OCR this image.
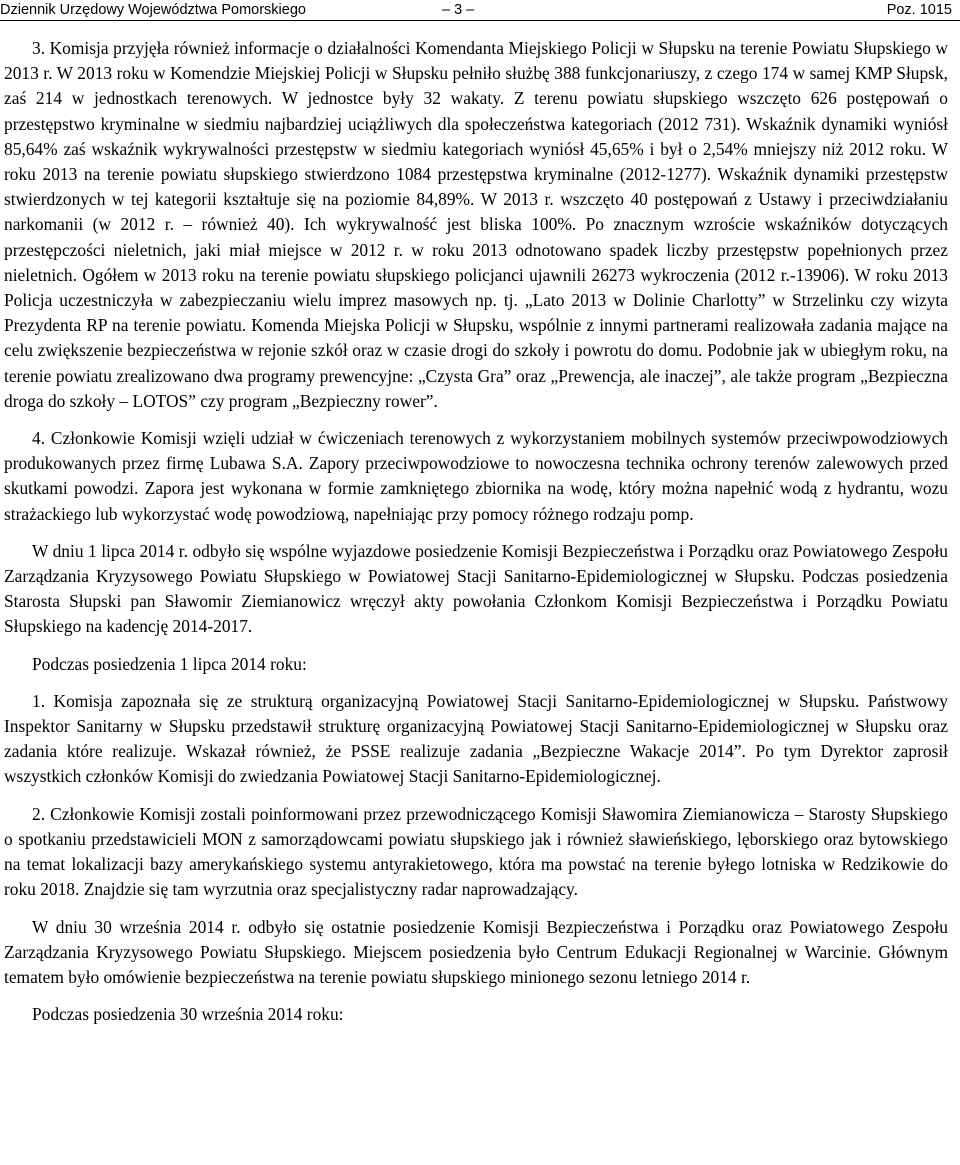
Dziennik Urzędowy Województwa Pomorskiego	– 3 –	Poz. 1015

3. Komisja przyjęła również informacje o działalności Komendanta Miejskiego Policji w Słupsku na terenie Powiatu Słupskiego w 2013 r. W 2013 roku w Komendzie Miejskiej Policji w Słupsku pełniło służbę 388 funkcjonariuszy, z czego 174 w samej KMP Słupsk, zaś 214 w jednostkach terenowych. W jednostce były 32 wakaty. Z terenu powiatu słupskiego wszczęto 626 postępowań o przestępstwo kryminalne w siedmiu najbardziej uciążliwych dla społeczeństwa kategoriach (2012 731). Wskaźnik dynamiki wyniósł 85,64% zaś wskaźnik wykrywalności przestępstw w siedmiu kategoriach wyniósł 45,65% i był o 2,54% mniejszy niż 2012 roku. W roku 2013 na terenie powiatu słupskiego stwierdzono 1084 przestępstwa kryminalne (2012-1277). Wskaźnik dynamiki przestępstw stwierdzonych w tej kategorii kształtuje się na poziomie 84,89%. W 2013 r. wszczęto 40 postępowań z Ustawy i przeciwdziałaniu narkomanii (w 2012 r. – również 40). Ich wykrywalność jest bliska 100%. Po znacznym wzroście wskaźników dotyczących przestępczości nieletnich, jaki miał miejsce w 2012 r. w roku 2013 odnotowano spadek liczby przestępstw popełnionych przez nieletnich. Ogółem w 2013 roku na terenie powiatu słupskiego policjanci ujawnili 26273 wykroczenia (2012 r.-13906). W roku 2013 Policja uczestniczyła w zabezpieczaniu wielu imprez masowych np. tj. „Lato 2013 w Dolinie Charlotty” w Strzelinku czy wizyta Prezydenta RP na terenie powiatu. Komenda Miejska Policji w Słupsku, wspólnie z innymi partnerami realizowała zadania mające na celu zwiększenie bezpieczeństwa w rejonie szkół oraz w czasie drogi do szkoły i powrotu do domu. Podobnie jak w ubiegłym roku, na terenie powiatu zrealizowano dwa programy prewencyjne: „Czysta Gra” oraz „Prewencja, ale inaczej”, ale także program „Bezpieczna droga do szkoły – LOTOS” czy program „Bezpieczny rower”.

4. Członkowie Komisji wzięli udział w ćwiczeniach terenowych z wykorzystaniem mobilnych systemów przeciwpowodziowych produkowanych przez firmę Lubawa S.A. Zapory przeciwpowodziowe to nowoczesna technika ochrony terenów zalewowych przed skutkami powodzi. Zapora jest wykonana w formie zamkniętego zbiornika na wodę, który można napełnić wodą z hydrantu, wozu strażackiego lub wykorzystać wodę powodziową, napełniając przy pomocy różnego rodzaju pomp.

W dniu 1 lipca 2014 r. odbyło się wspólne wyjazdowe posiedzenie Komisji Bezpieczeństwa i Porządku oraz Powiatowego Zespołu Zarządzania Kryzysowego Powiatu Słupskiego w Powiatowej Stacji Sanitarno-Epidemiologicznej w Słupsku. Podczas posiedzenia Starosta Słupski pan Sławomir Ziemianowicz wręczył akty powołania Członkom Komisji Bezpieczeństwa i Porządku Powiatu Słupskiego na kadencję 2014-2017.

Podczas posiedzenia 1 lipca 2014 roku:

1. Komisja zapoznała się ze strukturą organizacyjną Powiatowej Stacji Sanitarno-Epidemiologicznej w Słupsku. Państwowy Inspektor Sanitarny w Słupsku przedstawił strukturę organizacyjną Powiatowej Stacji Sanitarno-Epidemiologicznej w Słupsku oraz zadania które realizuje. Wskazał również, że PSSE realizuje zadania „Bezpieczne Wakacje 2014”. Po tym Dyrektor zaprosił wszystkich członków Komisji do zwiedzania Powiatowej Stacji Sanitarno-Epidemiologicznej.

2. Członkowie Komisji zostali poinformowani przez przewodniczącego Komisji Sławomira Ziemianowicza – Starosty Słupskiego o spotkaniu przedstawicieli MON z samorządowcami powiatu słupskiego jak i również sławieńskiego, lęborskiego oraz bytowskiego na temat lokalizacji bazy amerykańskiego systemu antyrakietowego, która ma powstać na terenie byłego lotniska w Redzikowie do roku 2018. Znajdzie się tam wyrzutnia oraz specjalistyczny radar naprowadzający.

W dniu 30 września 2014 r. odbyło się ostatnie posiedzenie Komisji Bezpieczeństwa i Porządku oraz Powiatowego Zespołu Zarządzania Kryzysowego Powiatu Słupskiego. Miejscem posiedzenia było Centrum Edukacji Regionalnej w Warcinie. Głównym tematem było omówienie bezpieczeństwa na terenie powiatu słupskiego minionego sezonu letniego 2014 r.

Podczas posiedzenia 30 września 2014 roku:
